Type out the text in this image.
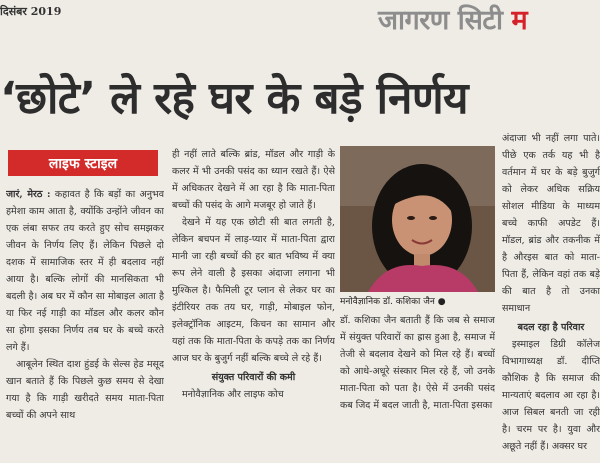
दिसंबर 2019	जागरण सिटी म
‘छोटे’ ले रहे घर के बड़े निर्णय
लाइफ स्टाइल

जारं, मेरठ : कहावत है कि बड़ों का अनुभव हमेशा काम आता है, क्योंकि उन्होंने जीवन का एक लंबा सफर तय करते हुए सोच समझकर जीवन के निर्णय लिए हैं। लेकिन पिछले दो दशक में सामाजिक स्तर में ही बदलाव नहीं आया है। बल्कि लोगों की मानसिकता भी बदली है। अब घर में कौन सा मोबाइल आता है या फिर नई गाड़ी का मॉडल और कलर कौन सा होगा इसका निर्णय तब घर के बच्चे करते लगे हैं।

आबूलेन स्थित दाश हुंडई के सेल्स हेड मसूद खान बताते हैं कि पिछले कुछ समय से देखा गया है कि गाड़ी खरीदते समय माता-पिता बच्चों की अपने साथ

ही नहीं लाते बल्कि ब्रांड, मॉडल और गाड़ी के कलर में भी उनकी पसंद का ध्यान रखते हैं। ऐसे में अधिकतर देखने में आ रहा है कि माता-पिता बच्चों की पसंद के आगे मजबूर हो जाते हैं।

देखने में यह एक छोटी सी बात लगती है, लेकिन बचपन में लाड़-प्यार में माता-पिता द्वारा मानी जा रही बच्चों की हर बात भविष्य में क्या रूप लेने वाली है इसका अंदाजा लगाना भी मुश्किल है। फैमिली टूर प्लान से लेकर घर का इंटीरियर तक तय घर, गाड़ी, मोबाइल फोन, इलेक्ट्रॉनिक आइटम, किचन का सामान और यहां तक कि माता-पिता के कपड़े तक का निर्णय आज घर के बुजुर्ग नहीं बल्कि बच्चे ले रहे हैं।

संयुक्त परिवारों की कमी

मनोवैज्ञानिक और लाइफ कोच

मनोवैज्ञानिक डॉ. कशिका जैन ●

डॉ. कशिका जैन बताती हैं कि जब से समाज में संयुक्त परिवारों का ह्रास हुआ है, समाज में तेजी से बदलाव देखने को मिल रहे हैं। बच्चों को आधे-अधूरे संस्कार मिल रहे हैं, जो उनके माता-पिता को पता है। ऐसे में उनकी पसंद कब जिद में बदल जाती है, माता-पिता इसका

अंदाजा भी नहीं लगा पाते। पीछे एक तर्क यह भी है वर्तमान में घर के बड़े बुजुर्ग को लेकर अधिक सक्रिय सोशल मीडिया के माध्यम बच्चे काफी अपडेट हैं। मॉडल, ब्रांड और तकनीक में है औरइस बात को माता-पिता हैं, लेकिन वहां तक बड़े की बात है तो उनका समाधान

बदल रहा है परिवार

इस्माइल डिग्री कॉलेज विभागाध्यक्ष डॉ. दीप्ति कौशिक है कि समाज की मान्यताएं बदलाव आ रहा है। आज सिबल बनती जा रही है। चरम पर है। युवा और अछूते नहीं हैं। अक्सर घर
